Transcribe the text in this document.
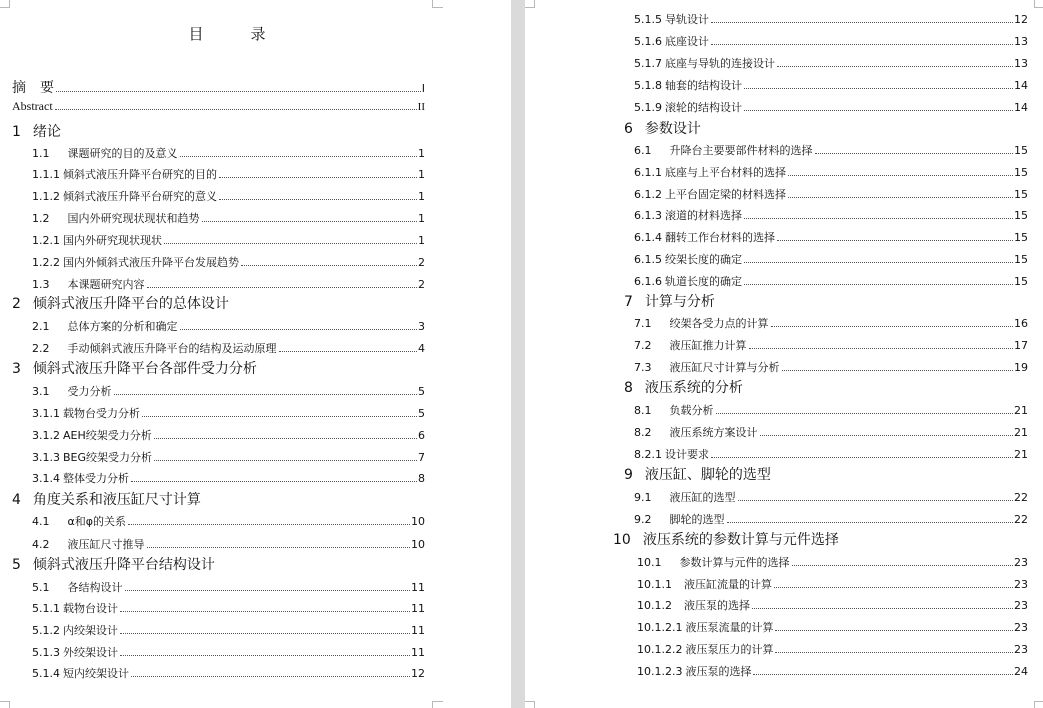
目　录
摘　要	I
Abstract	II
1 绪论
1.1 课题研究的目的及意义	1
1.1.1 倾斜式液压升降平台研究的目的	1
1.1.2 倾斜式液压升降平台研究的意义	1
1.2 国内外研究现状现状和趋势	1
1.2.1 国内外研究现状现状	1
1.2.2 国内外倾斜式液压升降平台发展趋势	2
1.3 本课题研究内容	2
2 倾斜式液压升降平台的总体设计
2.1 总体方案的分析和确定	3
2.2 手动倾斜式液压升降平台的结构及运动原理	4
3 倾斜式液压升降平台各部件受力分析
3.1 受力分析	5
3.1.1 载物台受力分析	5
3.1.2 AEH绞架受力分析	6
3.1.3 BEG绞架受力分析	7
3.1.4 整体受力分析	8
4 角度关系和液压缸尺寸计算
4.1 α和φ的关系	10
4.2 液压缸尺寸推导	10
5 倾斜式液压升降平台结构设计
5.1 各结构设计	11
5.1.1 载物台设计	11
5.1.2 内绞架设计	11
5.1.3 外绞架设计	11
5.1.4 短内绞架设计	12
5.1.5 导轨设计	12
5.1.6 底座设计	13
5.1.7 底座与导轨的连接设计	13
5.1.8 轴套的结构设计	14
5.1.9 滚轮的结构设计	14
6 参数设计
6.1 升降台主要要部件材料的选择	15
6.1.1 底座与上平台材料的选择	15
6.1.2 上平台固定梁的材料选择	15
6.1.3 滚道的材料选择	15
6.1.4 翻转工作台材料的选择	15
6.1.5 绞架长度的确定	15
6.1.6 轨道长度的确定	15
7 计算与分析
7.1 绞架各受力点的计算	16
7.2 液压缸推力计算	17
7.3 液压缸尺寸计算与分析	19
8 液压系统的分析
8.1 负载分析	21
8.2 液压系统方案设计	21
8.2.1 设计要求	21
9 液压缸、脚轮的选型
9.1 液压缸的选型	22
9.2 脚轮的选型	22
10 液压系统的参数计算与元件选择
10.1 参数计算与元件的选择	23
10.1.1 液压缸流量的计算	23
10.1.2 液压泵的选择	23
10.1.2.1 液压泵流量的计算	23
10.1.2.2 液压泵压力的计算	23
10.1.2.3 液压泵的选择	24
